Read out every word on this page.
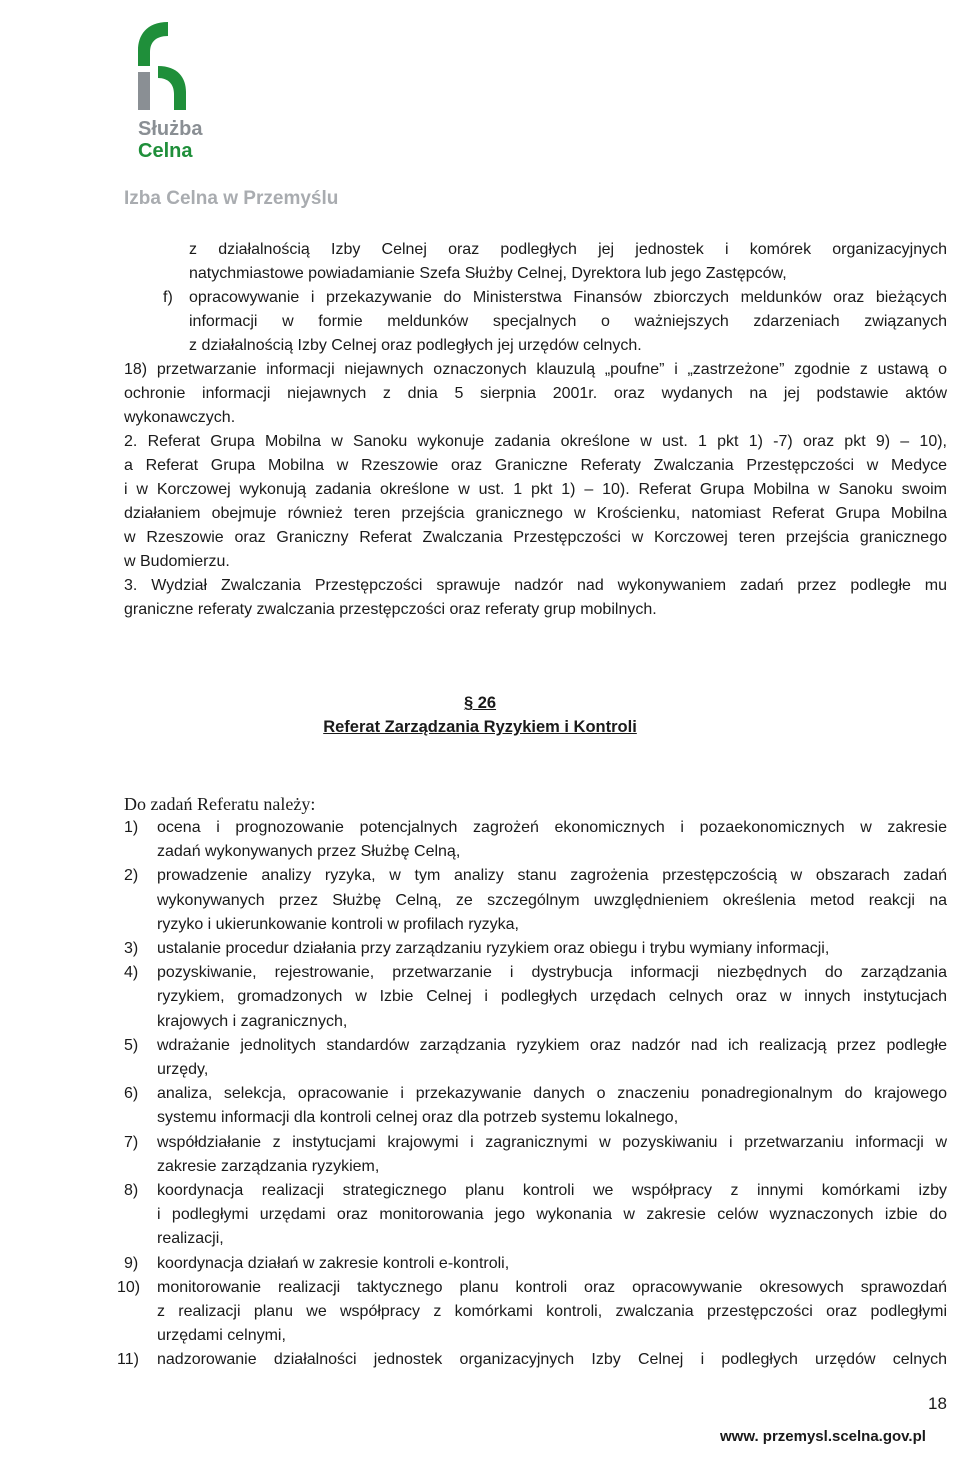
Służba
Celna
Izba Celna w Przemyślu
z działalnością Izby Celnej oraz podległych jej jednostek i komórek organizacyjnych
natychmiastowe powiadamianie Szefa Służby Celnej, Dyrektora lub jego Zastępców,
f) opracowywanie i przekazywanie do Ministerstwa Finansów zbiorczych meldunków oraz bieżących
informacji w formie meldunków specjalnych o ważniejszych zdarzeniach związanych
z działalnością Izby Celnej oraz podległych jej urzędów celnych.
18) przetwarzanie informacji niejawnych oznaczonych klauzulą „poufne” i „zastrzeżone” zgodnie z ustawą o
ochronie informacji niejawnych z dnia 5 sierpnia 2001r. oraz wydanych na jej podstawie aktów
wykonawczych.
2. Referat Grupa Mobilna w Sanoku wykonuje zadania określone w ust. 1 pkt 1) -7) oraz pkt 9) – 10),
a Referat Grupa Mobilna w Rzeszowie oraz Graniczne Referaty Zwalczania Przestępczości w Medyce
i w Korczowej wykonują zadania określone w ust. 1 pkt 1) – 10). Referat Grupa Mobilna w Sanoku swoim
działaniem obejmuje również teren przejścia granicznego w Krościenku, natomiast Referat Grupa Mobilna
w Rzeszowie oraz Graniczny Referat Zwalczania Przestępczości w Korczowej teren przejścia granicznego
w Budomierzu.
3. Wydział Zwalczania Przestępczości sprawuje nadzór nad wykonywaniem zadań przez podległe mu
graniczne referaty zwalczania przestępczości oraz referaty grup mobilnych.
§ 26
Referat Zarządzania Ryzykiem i Kontroli
Do zadań Referatu należy:
1) ocena i prognozowanie potencjalnych zagrożeń ekonomicznych i pozaekonomicznych w zakresie
zadań wykonywanych przez Służbę Celną,
2) prowadzenie analizy ryzyka, w tym analizy stanu zagrożenia przestępczością w obszarach zadań
wykonywanych przez Służbę Celną, ze szczególnym uwzględnieniem określenia metod reakcji na
ryzyko i ukierunkowanie kontroli w profilach ryzyka,
3) ustalanie procedur działania przy zarządzaniu ryzykiem oraz obiegu i trybu wymiany informacji,
4) pozyskiwanie, rejestrowanie, przetwarzanie i dystrybucja informacji niezbędnych do zarządzania
ryzykiem, gromadzonych w Izbie Celnej i podległych urzędach celnych oraz w innych instytucjach
krajowych i zagranicznych,
5) wdrażanie jednolitych standardów zarządzania ryzykiem oraz nadzór nad ich realizacją przez podległe
urzędy,
6) analiza, selekcja, opracowanie i przekazywanie danych o znaczeniu ponadregionalnym do krajowego
systemu informacji dla kontroli celnej oraz dla potrzeb systemu lokalnego,
7) współdziałanie z instytucjami krajowymi i zagranicznymi w pozyskiwaniu i przetwarzaniu informacji w
zakresie zarządzania ryzykiem,
8) koordynacja realizacji strategicznego planu kontroli we współpracy z innymi komórkami izby
i podległymi urzędami oraz monitorowania jego wykonania w zakresie celów wyznaczonych izbie do
realizacji,
9) koordynacja działań w zakresie kontroli e-kontroli,
10) monitorowanie realizacji taktycznego planu kontroli oraz opracowywanie okresowych sprawozdań
z realizacji planu we współpracy z komórkami kontroli, zwalczania przestępczości oraz podległymi
urzędami celnymi,
11) nadzorowanie działalności jednostek organizacyjnych Izby Celnej i podległych urzędów celnych
18
www. przemysl.scelna.gov.pl
